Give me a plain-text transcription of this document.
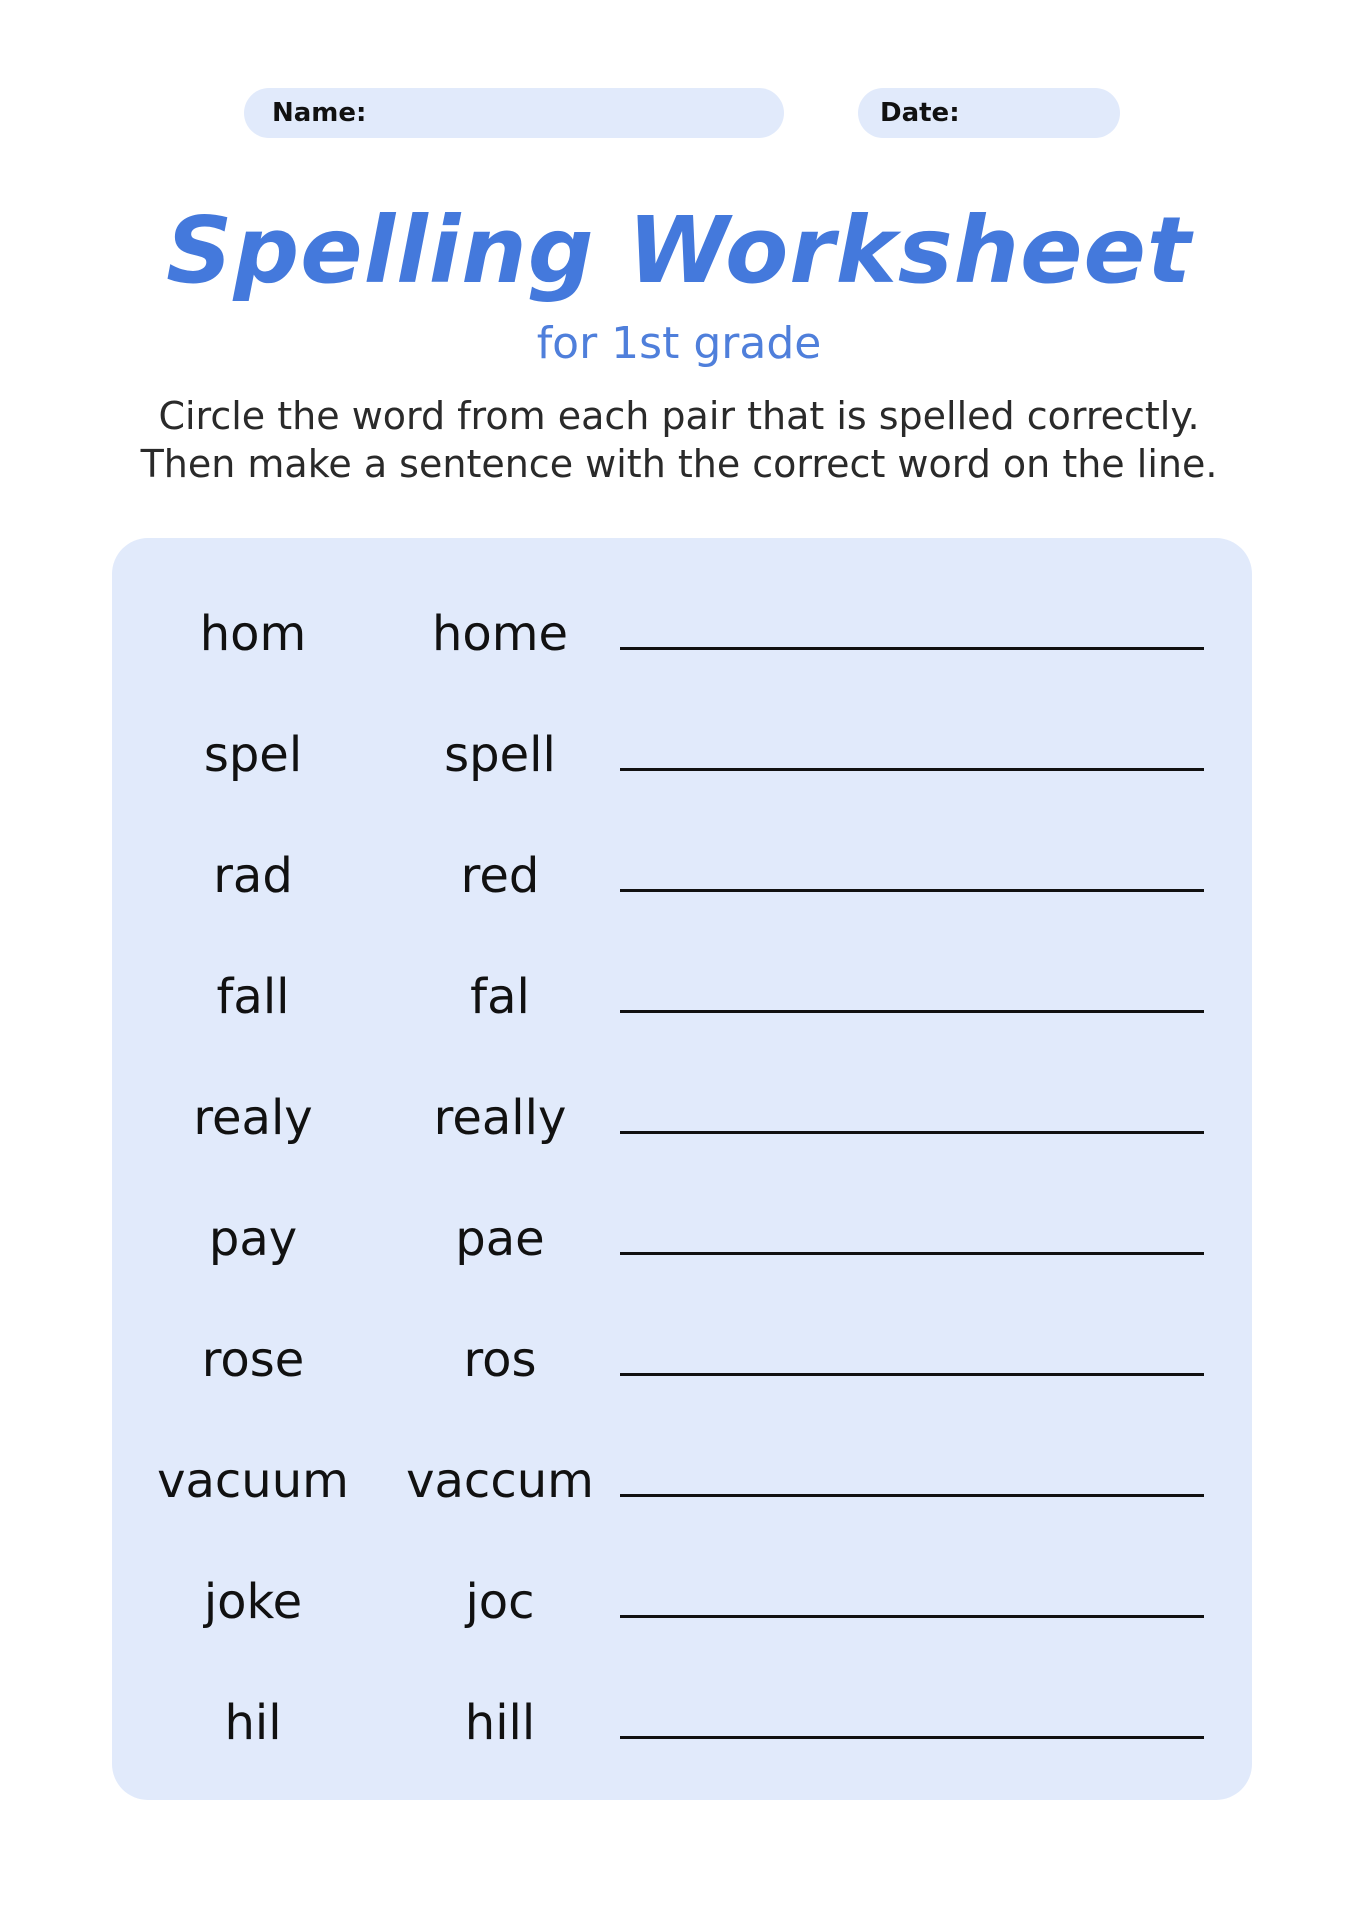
Name:	Date:
Spelling Worksheet
for 1st grade
Circle the word from each pair that is spelled correctly.
Then make a sentence with the correct word on the line.
hom	home
spel	spell
rad	red
fall	fal
realy	really
pay	pae
rose	ros
vacuum	vaccum
joke	joc
hil	hill
